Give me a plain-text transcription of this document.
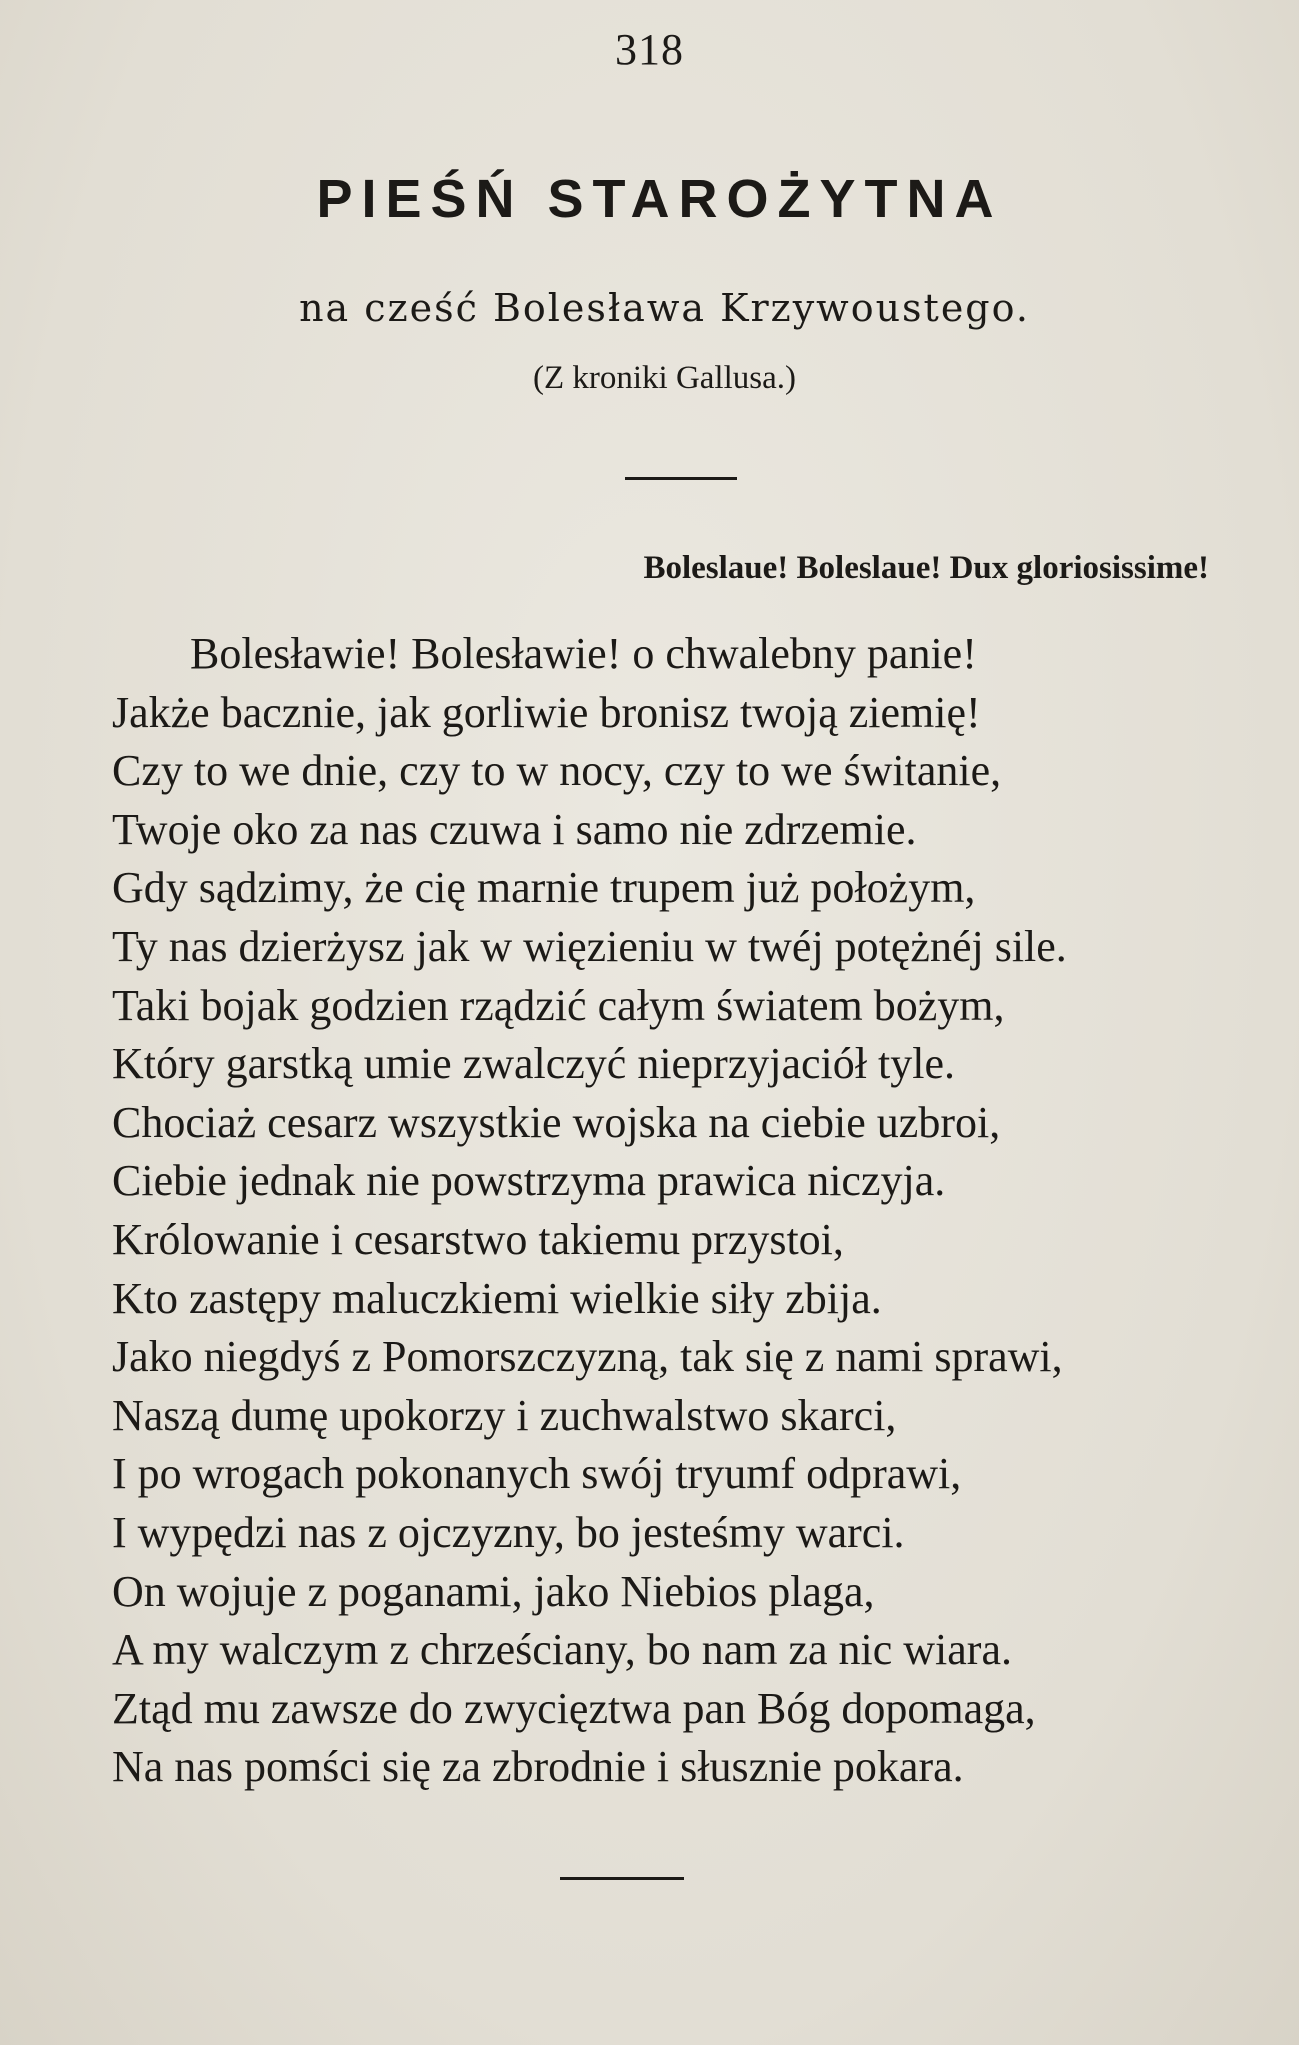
318
PIEŚŃ STAROŻYTNA
na cześć Bolesława Krzywoustego.
(Z kroniki Gallusa.)
Boleslaue! Boleslaue! Dux gloriosissime!
Bolesławie! Bolesławie! o chwalebny panie!
Jakże bacznie, jak gorliwie bronisz twoją ziemię!
Czy to we dnie, czy to w nocy, czy to we świtanie,
Twoje oko za nas czuwa i samo nie zdrzemie.
Gdy sądzimy, że cię marnie trupem już położym,
Ty nas dzierżysz jak w więzieniu w twéj potężnéj sile.
Taki bojak godzien rządzić całym światem bożym,
Który garstką umie zwalczyć nieprzyjaciół tyle.
Chociaż cesarz wszystkie wojska na ciebie uzbroi,
Ciebie jednak nie powstrzyma prawica niczyja.
Królowanie i cesarstwo takiemu przystoi,
Kto zastępy maluczkiemi wielkie siły zbija.
Jako niegdyś z Pomorszczyzną, tak się z nami sprawi,
Naszą dumę upokorzy i zuchwalstwo skarci,
I po wrogach pokonanych swój tryumf odprawi,
I wypędzi nas z ojczyzny, bo jesteśmy warci.
On wojuje z poganami, jako Niebios plaga,
A my walczym z chrześciany, bo nam za nic wiara.
Ztąd mu zawsze do zwycięztwa pan Bóg dopomaga,
Na nas pomści się za zbrodnie i słusznie pokara.
